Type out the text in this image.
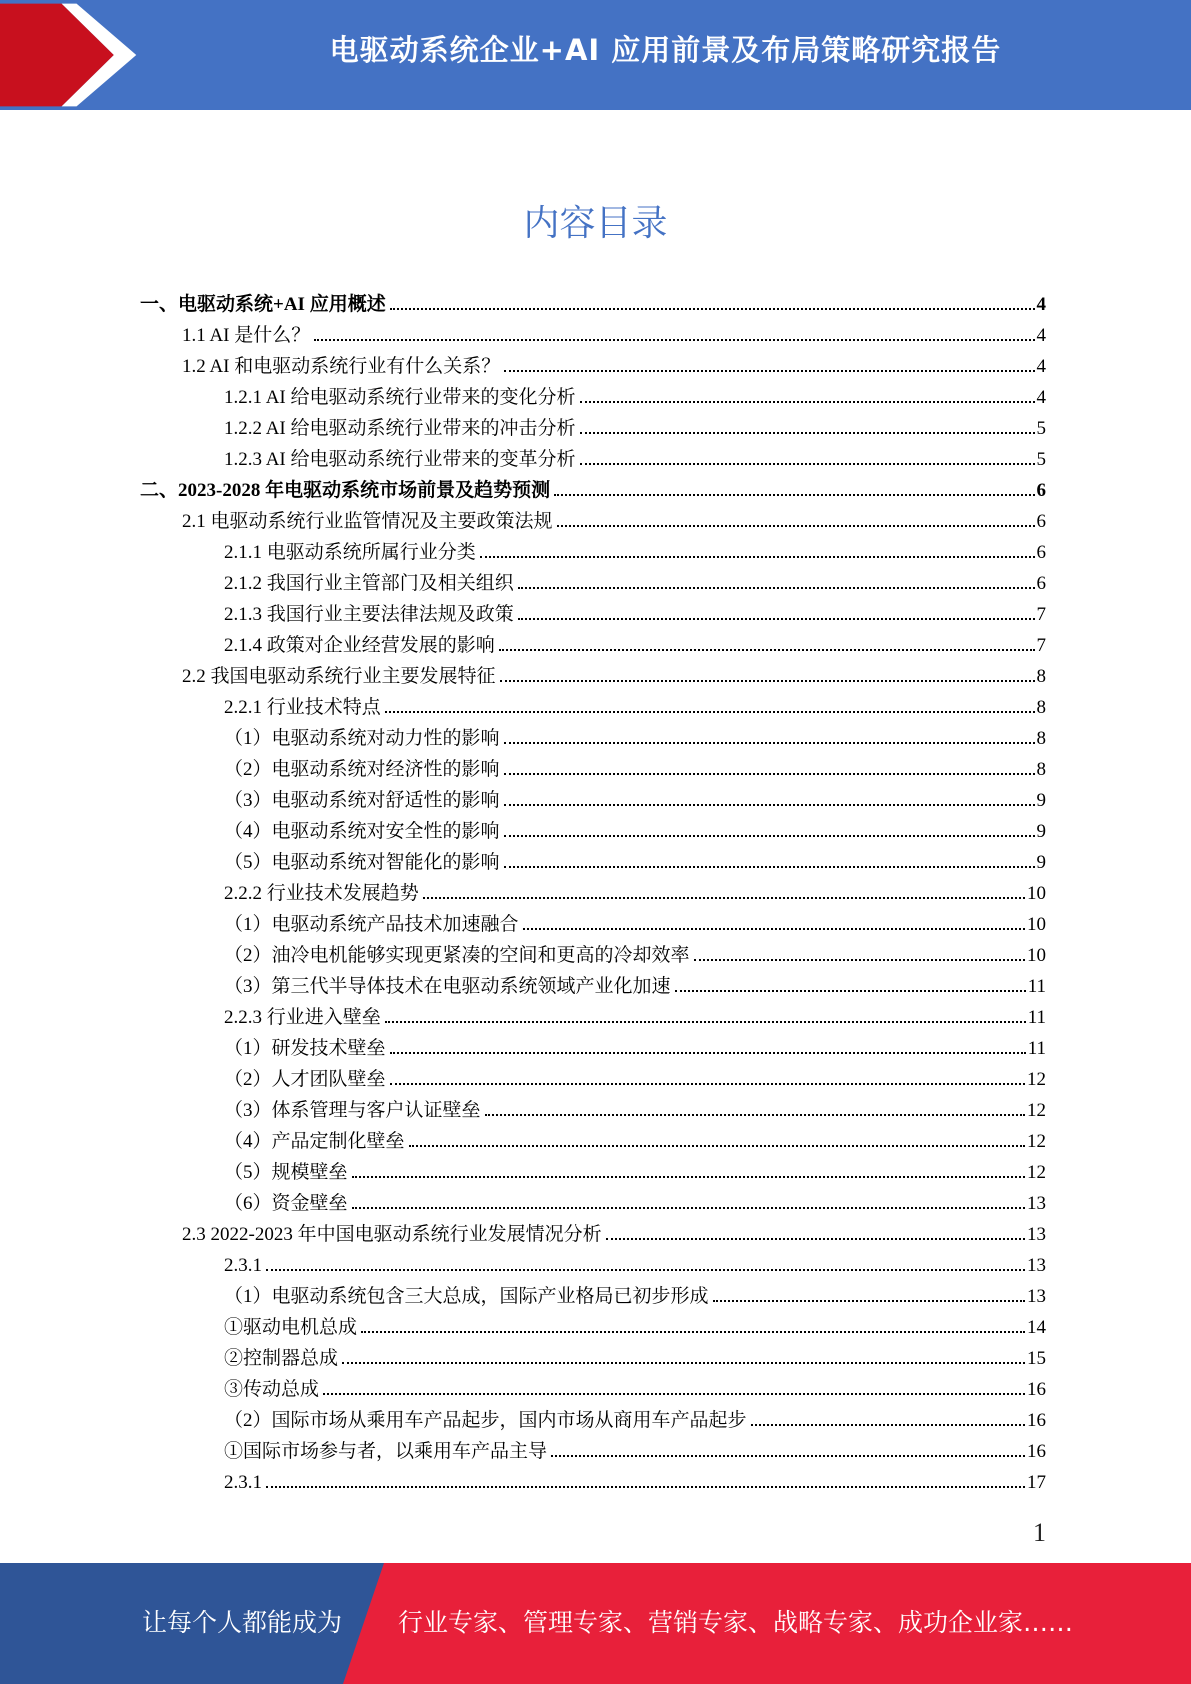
电驱动系统企业+AI 应用前景及布局策略研究报告
内容目录
一、电驱动系统+AI 应用概述	4
1.1 AI 是什么？	4
1.2 AI 和电驱动系统行业有什么关系？	4
1.2.1 AI 给电驱动系统行业带来的变化分析	4
1.2.2 AI 给电驱动系统行业带来的冲击分析	5
1.2.3 AI 给电驱动系统行业带来的变革分析	5
二、2023-2028 年电驱动系统市场前景及趋势预测	6
2.1 电驱动系统行业监管情况及主要政策法规	6
2.1.1 电驱动系统所属行业分类	6
2.1.2 我国行业主管部门及相关组织	6
2.1.3 我国行业主要法律法规及政策	7
2.1.4 政策对企业经营发展的影响	7
2.2 我国电驱动系统行业主要发展特征	8
2.2.1 行业技术特点	8
（1）电驱动系统对动力性的影响	8
（2）电驱动系统对经济性的影响	8
（3）电驱动系统对舒适性的影响	9
（4）电驱动系统对安全性的影响	9
（5）电驱动系统对智能化的影响	9
2.2.2 行业技术发展趋势	10
（1）电驱动系统产品技术加速融合	10
（2）油冷电机能够实现更紧凑的空间和更高的冷却效率	10
（3）第三代半导体技术在电驱动系统领域产业化加速	11
2.2.3 行业进入壁垒	11
（1）研发技术壁垒	11
（2）人才团队壁垒	12
（3）体系管理与客户认证壁垒	12
（4）产品定制化壁垒	12
（5）规模壁垒	12
（6）资金壁垒	13
2.3 2022-2023 年中国电驱动系统行业发展情况分析	13
2.3.1	13
（1）电驱动系统包含三大总成，国际产业格局已初步形成	13
①驱动电机总成	14
②控制器总成	15
③传动总成	16
（2）国际市场从乘用车产品起步，国内市场从商用车产品起步	16
①国际市场参与者，以乘用车产品主导	16
2.3.1	17
1
让每个人都能成为 行业专家、管理专家、营销专家、战略专家、成功企业家……
